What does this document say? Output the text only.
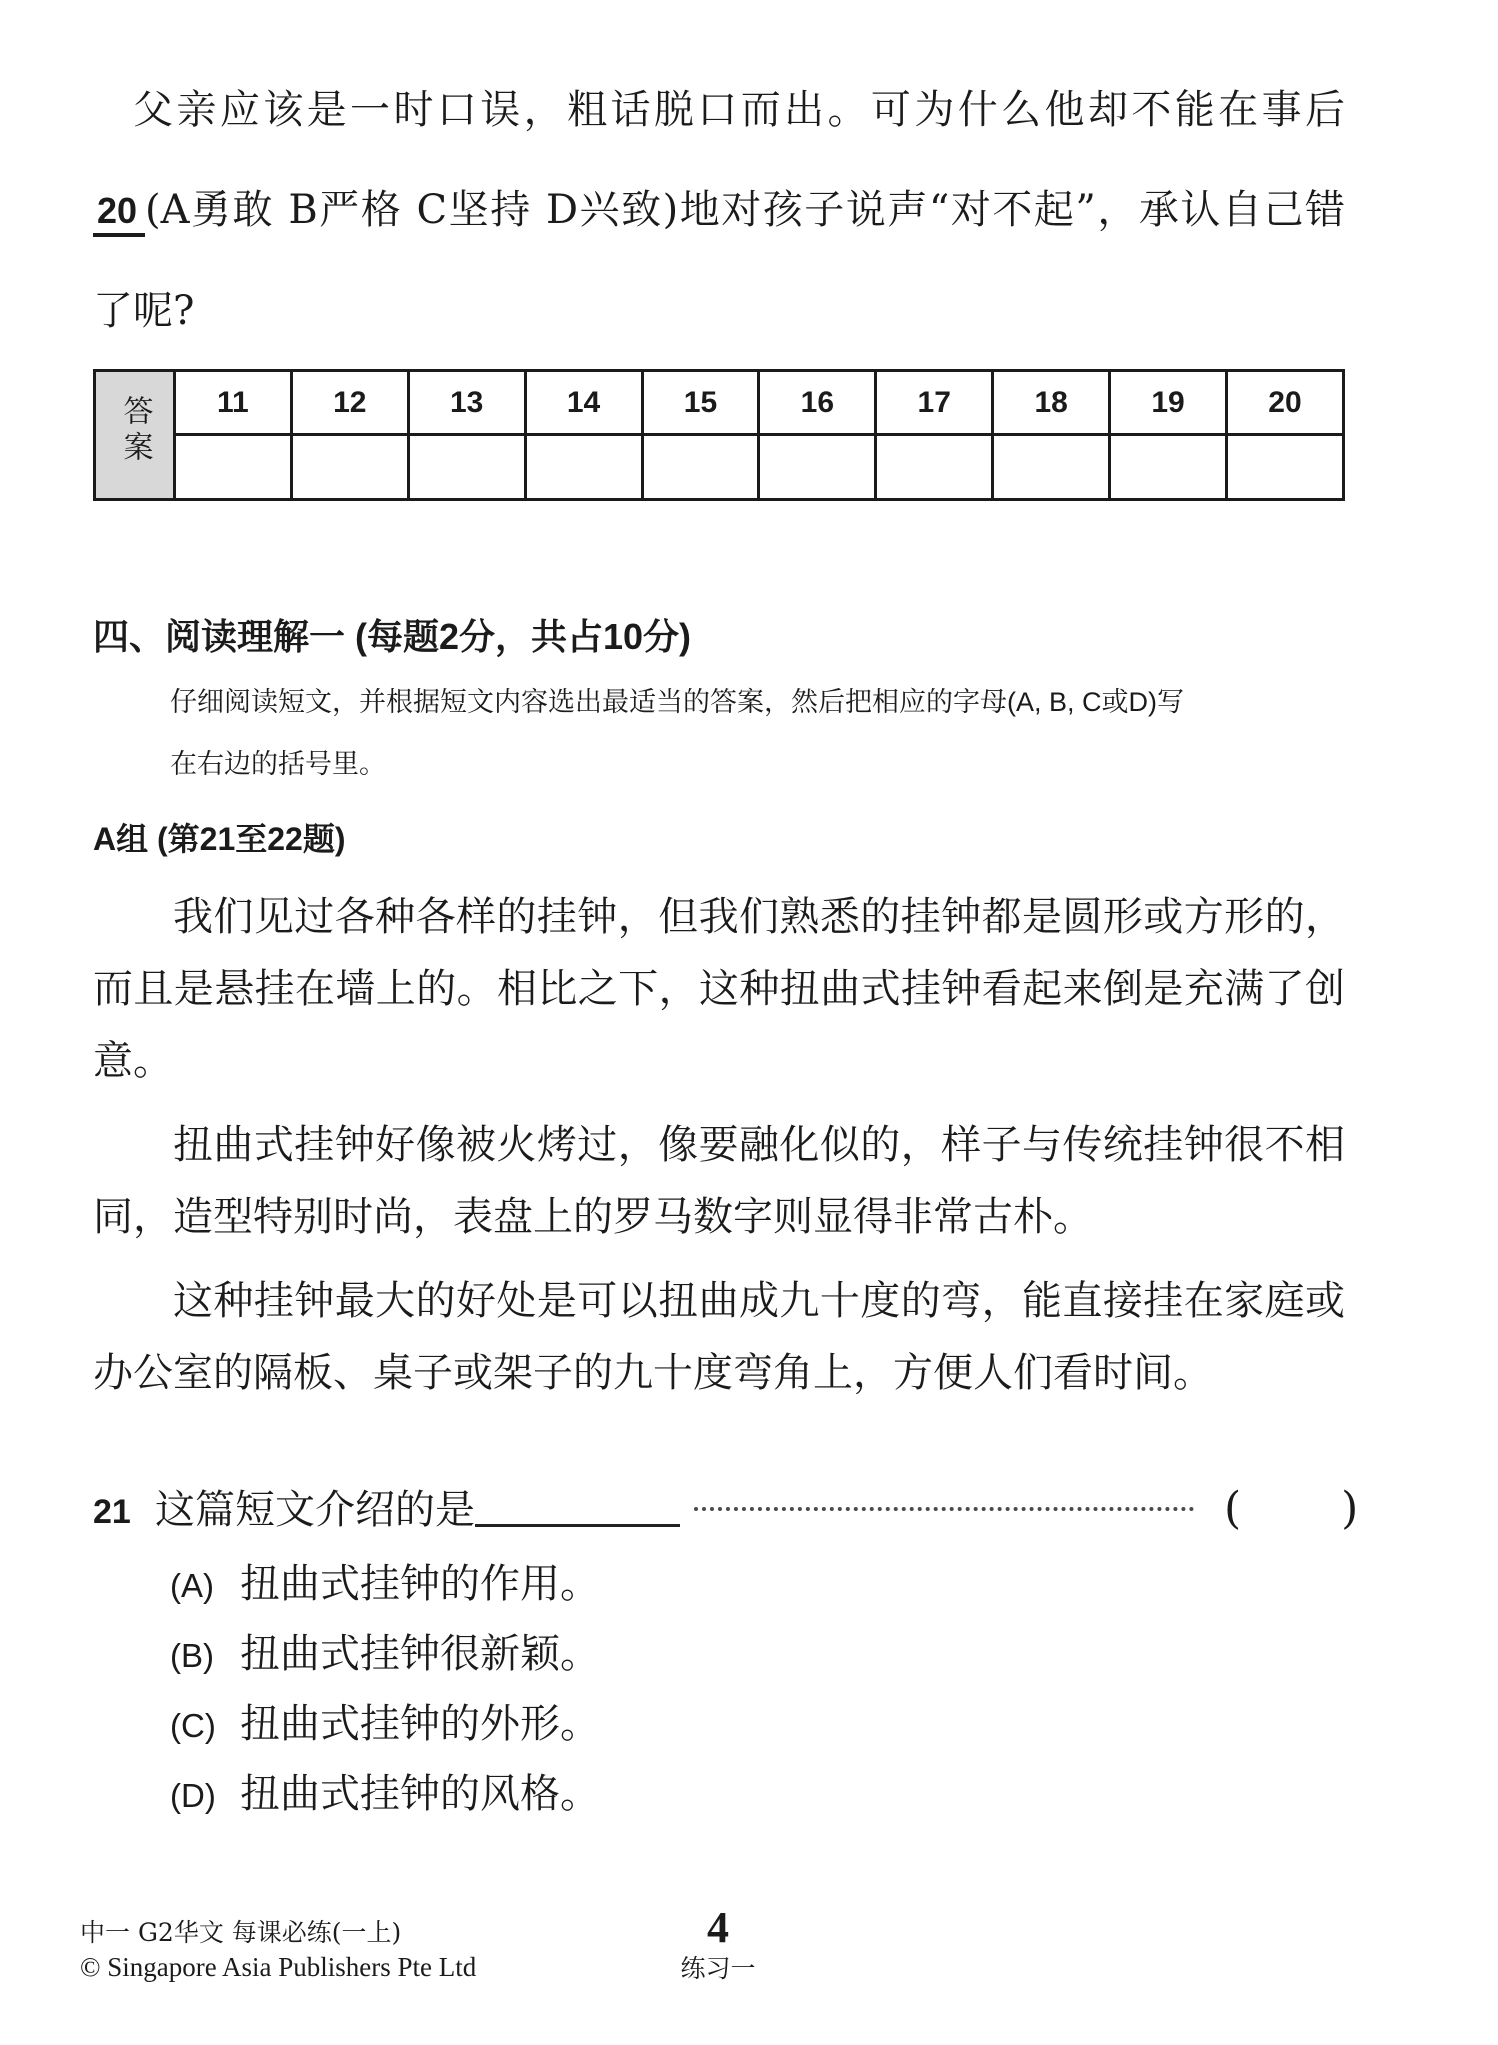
父亲应该是一时口误，粗话脱口而出。可为什么他却不能在事后
20 (A勇敢 B严格 C坚持 D兴致)地对孩子说声“对不起”，承认自己错
了呢?
答案	11	12	13	14	15	16	17	18	19	20

四、阅读理解一 (每题2分，共占10分)
仔细阅读短文，并根据短文内容选出最适当的答案，然后把相应的字母(A, B, C或D)写
在右边的括号里。
A组 (第21至22题)

我们见过各种各样的挂钟，但我们熟悉的挂钟都是圆形或方形的，而且是悬挂在墙上的。相比之下，这种扭曲式挂钟看起来倒是充满了创意。

扭曲式挂钟好像被火烤过，像要融化似的，样子与传统挂钟很不相同，造型特别时尚，表盘上的罗马数字则显得非常古朴。

这种挂钟最大的好处是可以扭曲成九十度的弯，能直接挂在家庭或办公室的隔板、桌子或架子的九十度弯角上，方便人们看时间。

21 这篇短文介绍的是	( )
(A) 扭曲式挂钟的作用。
(B) 扭曲式挂钟很新颖。
(C) 扭曲式挂钟的外形。
(D) 扭曲式挂钟的风格。
中一 G2华文 每课必练(一上)
© Singapore Asia Publishers Pte Ltd
4
练习一
